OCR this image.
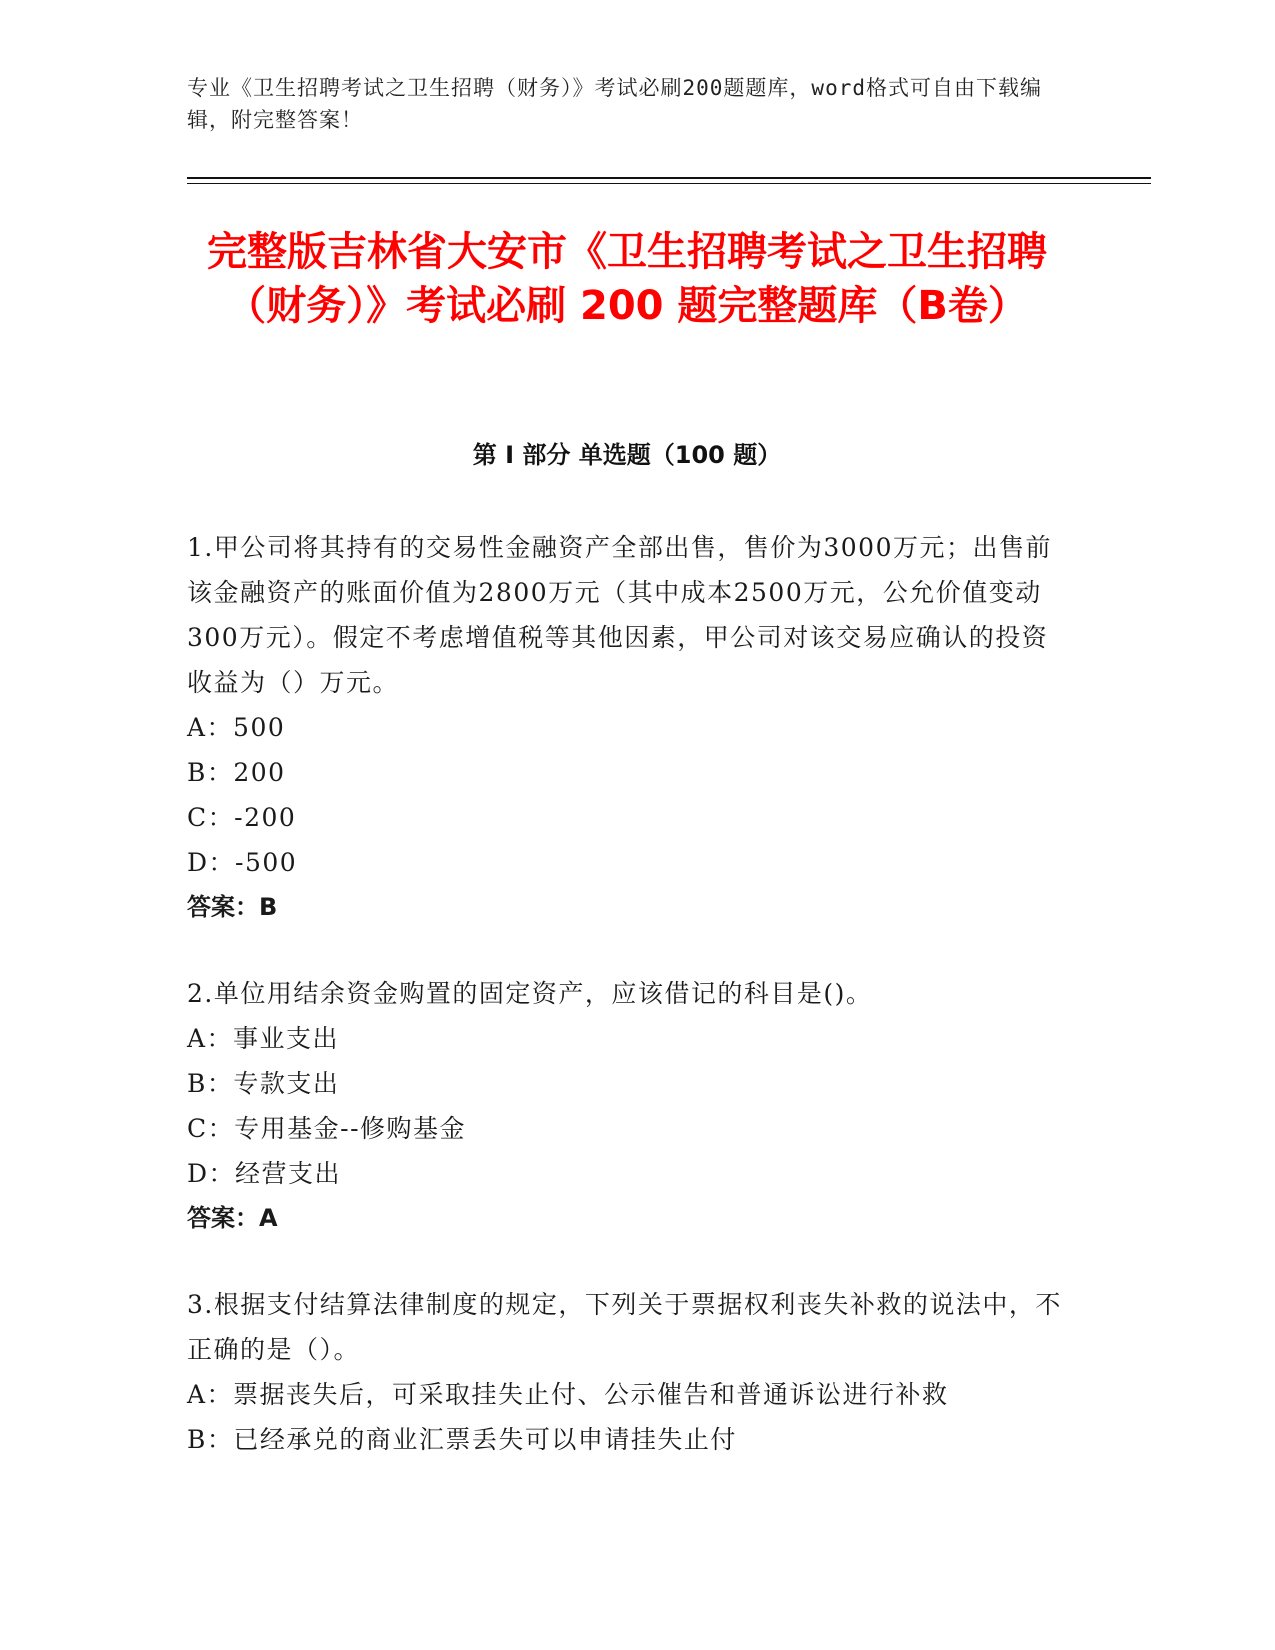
专业《卫生招聘考试之卫生招聘（财务）》考试必刷200题题库，word格式可自由下载编辑，附完整答案！
完整版吉林省大安市《卫生招聘考试之卫生招聘（财务）》考试必刷 200 题完整题库（B卷）
第 I 部分 单选题（100 题）
1.甲公司将其持有的交易性金融资产全部出售，售价为3000万元；出售前该金融资产的账面价值为2800万元（其中成本2500万元，公允价值变动300万元）。假定不考虑增值税等其他因素，甲公司对该交易应确认的投资收益为（）万元。
A：500
B：200
C：-200
D：-500
答案：B
2.单位用结余资金购置的固定资产，应该借记的科目是()。
A：事业支出
B：专款支出
C：专用基金--修购基金
D：经营支出
答案：A
3.根据支付结算法律制度的规定，下列关于票据权利丧失补救的说法中，不正确的是（）。
A：票据丧失后，可采取挂失止付、公示催告和普通诉讼进行补救
B：已经承兑的商业汇票丢失可以申请挂失止付
